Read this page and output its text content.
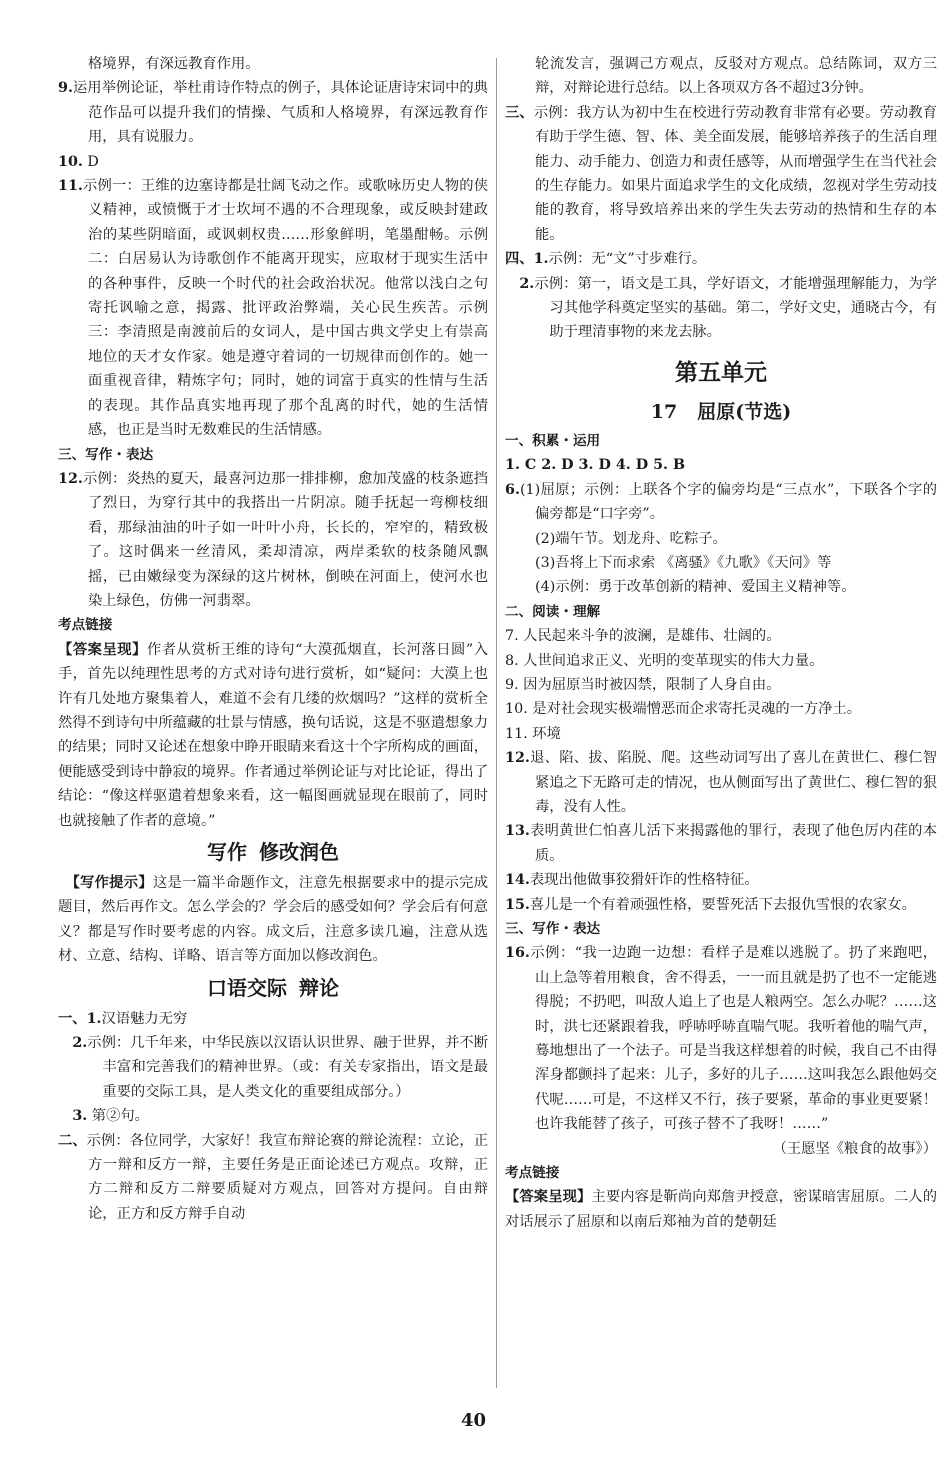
格境界，有深远教育作用。

9.运用举例论证，举杜甫诗作特点的例子，具体论证唐诗宋词中的典范作品可以提升我们的情操、气质和人格境界，有深远教育作用，具有说服力。

10. D

11.示例一：王维的边塞诗都是壮阔飞动之作。或歌咏历史人物的侠义精神，或愤慨于才士坎坷不遇的不合理现象，或反映封建政治的某些阴暗面，或讽刺权贵……形象鲜明，笔墨酣畅。示例二：白居易认为诗歌创作不能离开现实，应取材于现实生活中的各种事件，反映一个时代的社会政治状况。他常以浅白之句寄托讽喻之意，揭露、批评政治弊端，关心民生疾苦。示例三：李清照是南渡前后的女词人，是中国古典文学史上有崇高地位的天才女作家。她是遵守着词的一切规律而创作的。她一面重视音律，精炼字句；同时，她的词富于真实的性情与生活的表现。其作品真实地再现了那个乱离的时代，她的生活情感，也正是当时无数难民的生活情感。

三、写作・表达

12.示例：炎热的夏天，最喜河边那一排排柳，愈加茂盛的枝条遮挡了烈日，为穿行其中的我搭出一片阴凉。随手抚起一弯柳枝细看，那绿油油的叶子如一叶叶小舟，长长的，窄窄的，精致极了。这时偶来一丝清风，柔却清凉，两岸柔软的枝条随风飘摇，已由嫩绿变为深绿的这片树林，倒映在河面上，使河水也染上绿色，仿佛一河翡翠。

考点链接

【答案呈现】作者从赏析王维的诗句“大漠孤烟直，长河落日圆”入手，首先以纯理性思考的方式对诗句进行赏析，如“疑问：大漠上也许有几处地方聚集着人，难道不会有几缕的炊烟吗？”这样的赏析全然得不到诗句中所蕴藏的壮景与情感，换句话说，这是不驱遣想象力的结果；同时又论述在想象中睁开眼睛来看这十个字所构成的画面，便能感受到诗中静寂的境界。作者通过举例论证与对比论证，得出了结论：“像这样驱遣着想象来看，这一幅图画就显现在眼前了，同时也就接触了作者的意境。”

写作 修改润色

　【写作提示】这是一篇半命题作文，注意先根据要求中的提示完成题目，然后再作文。怎么学会的？学会后的感受如何？学会后有何意义？都是写作时要考虑的内容。成文后，注意多读几遍，注意从选材、立意、结构、详略、语言等方面加以修改润色。

口语交际 辩论

一、1.汉语魅力无穷

2.示例：几千年来，中华民族以汉语认识世界、融于世界，并不断丰富和完善我们的精神世界。（或：有关专家指出，语文是最重要的交际工具，是人类文化的重要组成部分。）

3. 第②句。

二、示例：各位同学，大家好！我宣布辩论赛的辩论流程：立论，正方一辩和反方一辩，主要任务是正面论述已方观点。攻辩，正方二辩和反方二辩要质疑对方观点，回答对方提问。自由辩论，正方和反方辩手自动

轮流发言，强调己方观点，反驳对方观点。总结陈词，双方三辩，对辩论进行总结。以上各项双方各不超过3分钟。

三、示例：我方认为初中生在校进行劳动教育非常有必要。劳动教育有助于学生德、智、体、美全面发展，能够培养孩子的生活自理能力、动手能力、创造力和责任感等，从而增强学生在当代社会的生存能力。如果片面追求学生的文化成绩，忽视对学生劳动技能的教育，将导致培养出来的学生失去劳动的热情和生存的本能。

四、1.示例：无“文”寸步难行。

2.示例：第一，语文是工具，学好语文，才能增强理解能力，为学习其他学科奠定坚实的基础。第二，学好文史，通晓古今，有助于理清事物的来龙去脉。

第五单元
17 屈原(节选)

一、积累・运用

1. C 2. D 3. D 4. D 5. B

6.(1)屈原；示例：上联各个字的偏旁均是“三点水”，下联各个字的偏旁都是“口字旁”。

(2)端午节。划龙舟、吃粽子。

(3)吾将上下而求索 《离骚》《九歌》《天问》等

(4)示例：勇于改革创新的精神、爱国主义精神等。

二、阅读・理解

7. 人民起来斗争的波澜，是雄伟、壮阔的。

8. 人世间追求正义、光明的变革现实的伟大力量。

9. 因为屈原当时被囚禁，限制了人身自由。

10. 是对社会现实极端憎恶而企求寄托灵魂的一方净土。

11. 环境

12.退、陷、拔、陷脱、爬。这些动词写出了喜儿在黄世仁、穆仁智紧追之下无路可走的情况，也从侧面写出了黄世仁、穆仁智的狠毒，没有人性。

13.表明黄世仁怕喜儿活下来揭露他的罪行，表现了他色厉内荏的本质。

14.表现出他做事狡猾奸诈的性格特征。

15.喜儿是一个有着顽强性格，要誓死活下去报仇雪恨的农家女。

三、写作・表达

16.示例：“我一边跑一边想：看样子是难以逃脱了。扔了来跑吧，山上急等着用粮食，舍不得丢，一一而且就是扔了也不一定能逃得脱；不扔吧，叫敌人追上了也是人粮两空。怎么办呢？……这时，洪七还紧跟着我，呼哧呼哧直喘气呢。我听着他的喘气声，蓦地想出了一个法子。可是当我这样想着的时候，我自己不由得浑身都颤抖了起来：儿子，多好的儿子……这叫我怎么跟他妈交代呢……可是，不这样又不行，孩子要紧，革命的事业更要紧！也许我能替了孩子，可孩子替不了我呀！……”

（王愿坚《粮食的故事》）

考点链接

【答案呈现】主要内容是靳尚向郑詹尹授意，密谋暗害屈原。二人的对话展示了屈原和以南后郑袖为首的楚朝廷

40
